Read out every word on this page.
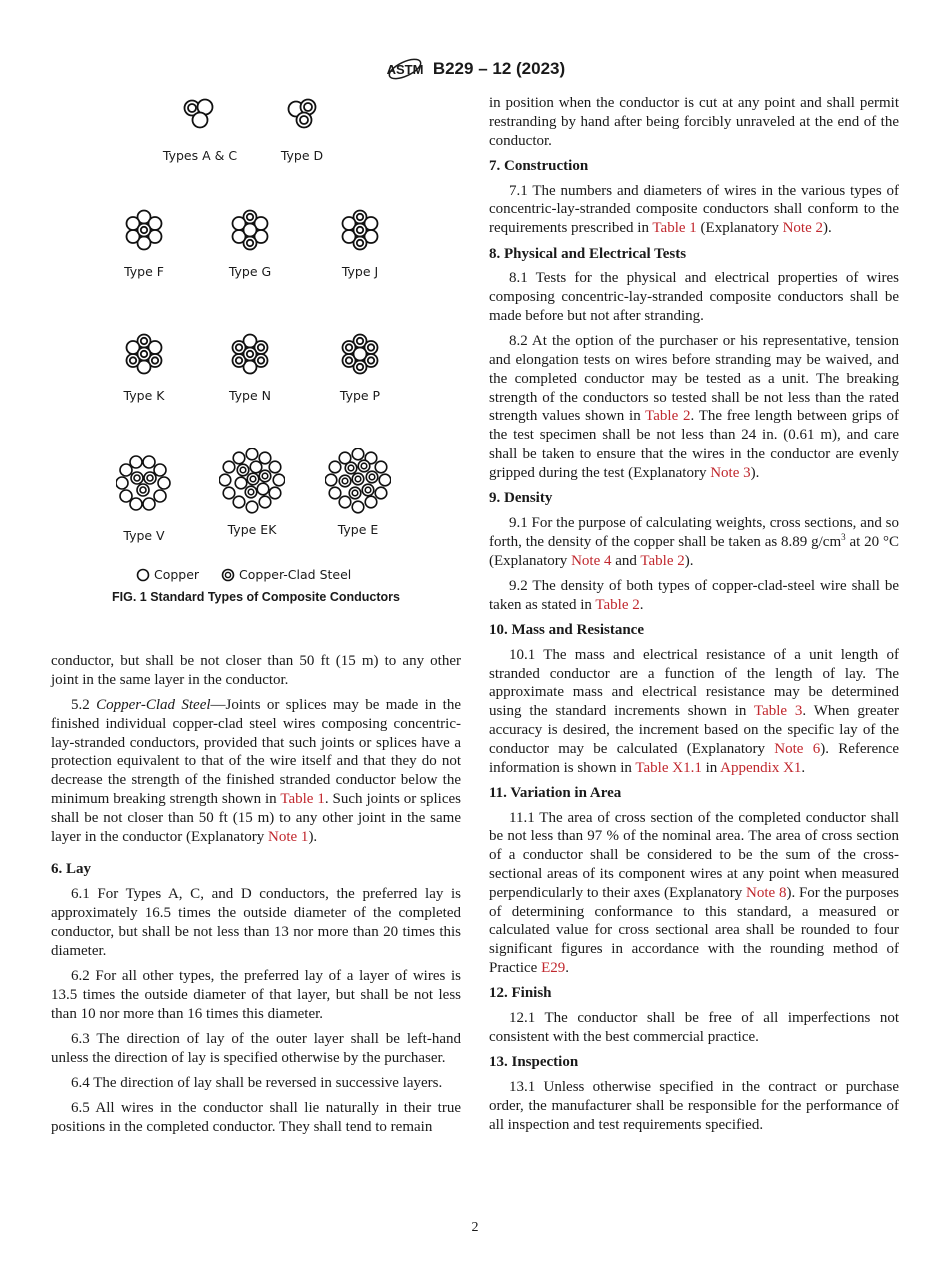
ASTM B229 – 12 (2023)
Types A & C	Type D
Type F	Type G	Type J
Type K	Type N	Type P
Type V	Type EK	Type E
Copper	Copper-Clad Steel
FIG. 1 Standard Types of Composite Conductors

conductor, but shall be not closer than 50 ft (15 m) to any other joint in the same layer in the conductor.

5.2 Copper-Clad Steel—Joints or splices may be made in the finished individual copper-clad steel wires composing concentric-lay-stranded conductors, provided that such joints or splices have a protection equivalent to that of the wire itself and that they do not decrease the strength of the finished stranded conductor below the minimum breaking strength shown in Table 1. Such joints or splices shall be not closer than 50 ft (15 m) to any other joint in the same layer in the conductor (Explanatory Note 1).

6. Lay

6.1 For Types A, C, and D conductors, the preferred lay is approximately 16.5 times the outside diameter of the completed conductor, but shall be not less than 13 nor more than 20 times this diameter.

6.2 For all other types, the preferred lay of a layer of wires is 13.5 times the outside diameter of that layer, but shall be not less than 10 nor more than 16 times this diameter.

6.3 The direction of lay of the outer layer shall be left-hand unless the direction of lay is specified otherwise by the purchaser.

6.4 The direction of lay shall be reversed in successive layers.

6.5 All wires in the conductor shall lie naturally in their true positions in the completed conductor. They shall tend to remain

in position when the conductor is cut at any point and shall permit restranding by hand after being forcibly unraveled at the end of the conductor.

7. Construction

7.1 The numbers and diameters of wires in the various types of concentric-lay-stranded composite conductors shall conform to the requirements prescribed in Table 1 (Explanatory Note 2).

8. Physical and Electrical Tests

8.1 Tests for the physical and electrical properties of wires composing concentric-lay-stranded composite conductors shall be made before but not after stranding.

8.2 At the option of the purchaser or his representative, tension and elongation tests on wires before stranding may be waived, and the completed conductor may be tested as a unit. The breaking strength of the conductors so tested shall be not less than the rated strength values shown in Table 2. The free length between grips of the test specimen shall be not less than 24 in. (0.61 m), and care shall be taken to ensure that the wires in the conductor are evenly gripped during the test (Explanatory Note 3).

9. Density

9.1 For the purpose of calculating weights, cross sections, and so forth, the density of the copper shall be taken as 8.89 $g/cm^3$ at 20 °C (Explanatory Note 4 and Table 2).

9.2 The density of both types of copper-clad-steel wire shall be taken as stated in Table 2.

10. Mass and Resistance

10.1 The mass and electrical resistance of a unit length of stranded conductor are a function of the length of lay. The approximate mass and electrical resistance may be determined using the standard increments shown in Table 3. When greater accuracy is desired, the increment based on the specific lay of the conductor may be calculated (Explanatory Note 6). Reference information is shown in Table X1.1 in Appendix X1.

11. Variation in Area

11.1 The area of cross section of the completed conductor shall be not less than 97 % of the nominal area. The area of cross section of a conductor shall be considered to be the sum of the cross-sectional areas of its component wires at any point when measured perpendicularly to their axes (Explanatory Note 8). For the purposes of determining conformance to this standard, a measured or calculated value for cross sectional area shall be rounded to four significant figures in accordance with the rounding method of Practice E29.

12. Finish

12.1 The conductor shall be free of all imperfections not consistent with the best commercial practice.

13. Inspection

13.1 Unless otherwise specified in the contract or purchase order, the manufacturer shall be responsible for the performance of all inspection and test requirements specified.

2
